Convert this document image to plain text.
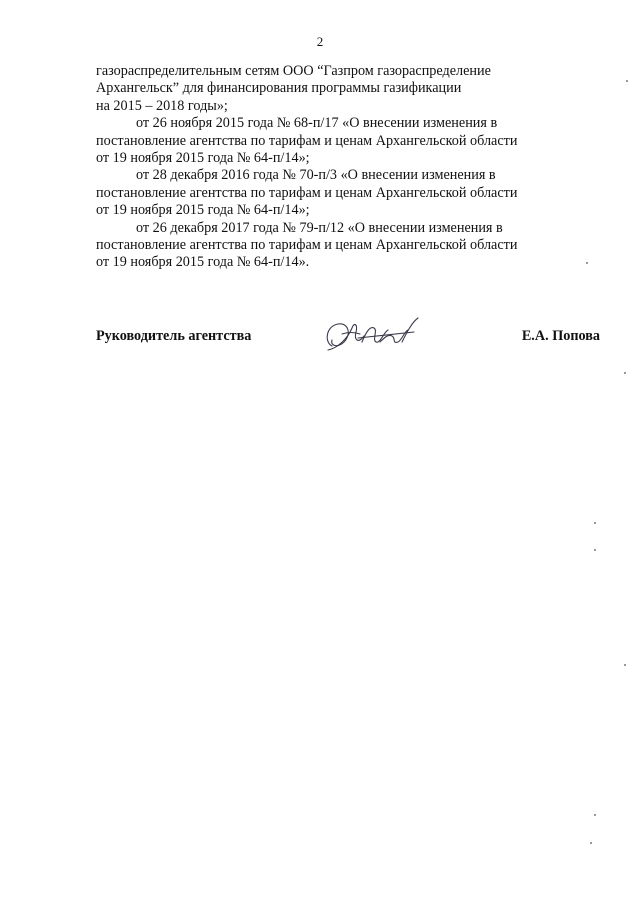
2

газораспределительным сетям ООО “Газпром газораспределение
Архангельск” для финансирования программы газификации
на 2015 – 2018 годы»;

от 26 ноября 2015 года № 68-п/17 «О внесении изменения в
постановление агентства по тарифам и ценам Архангельской области
от 19 ноября 2015 года № 64-п/14»;

от 28 декабря 2016 года № 70-п/3 «О внесении изменения в
постановление агентства по тарифам и ценам Архангельской области
от 19 ноября 2015 года № 64-п/14»;

от 26 декабря 2017 года № 79-п/12 «О внесении изменения в
постановление агентства по тарифам и ценам Архангельской области
от 19 ноября 2015 года № 64-п/14».

Руководитель агентства	Е.А. Попова
